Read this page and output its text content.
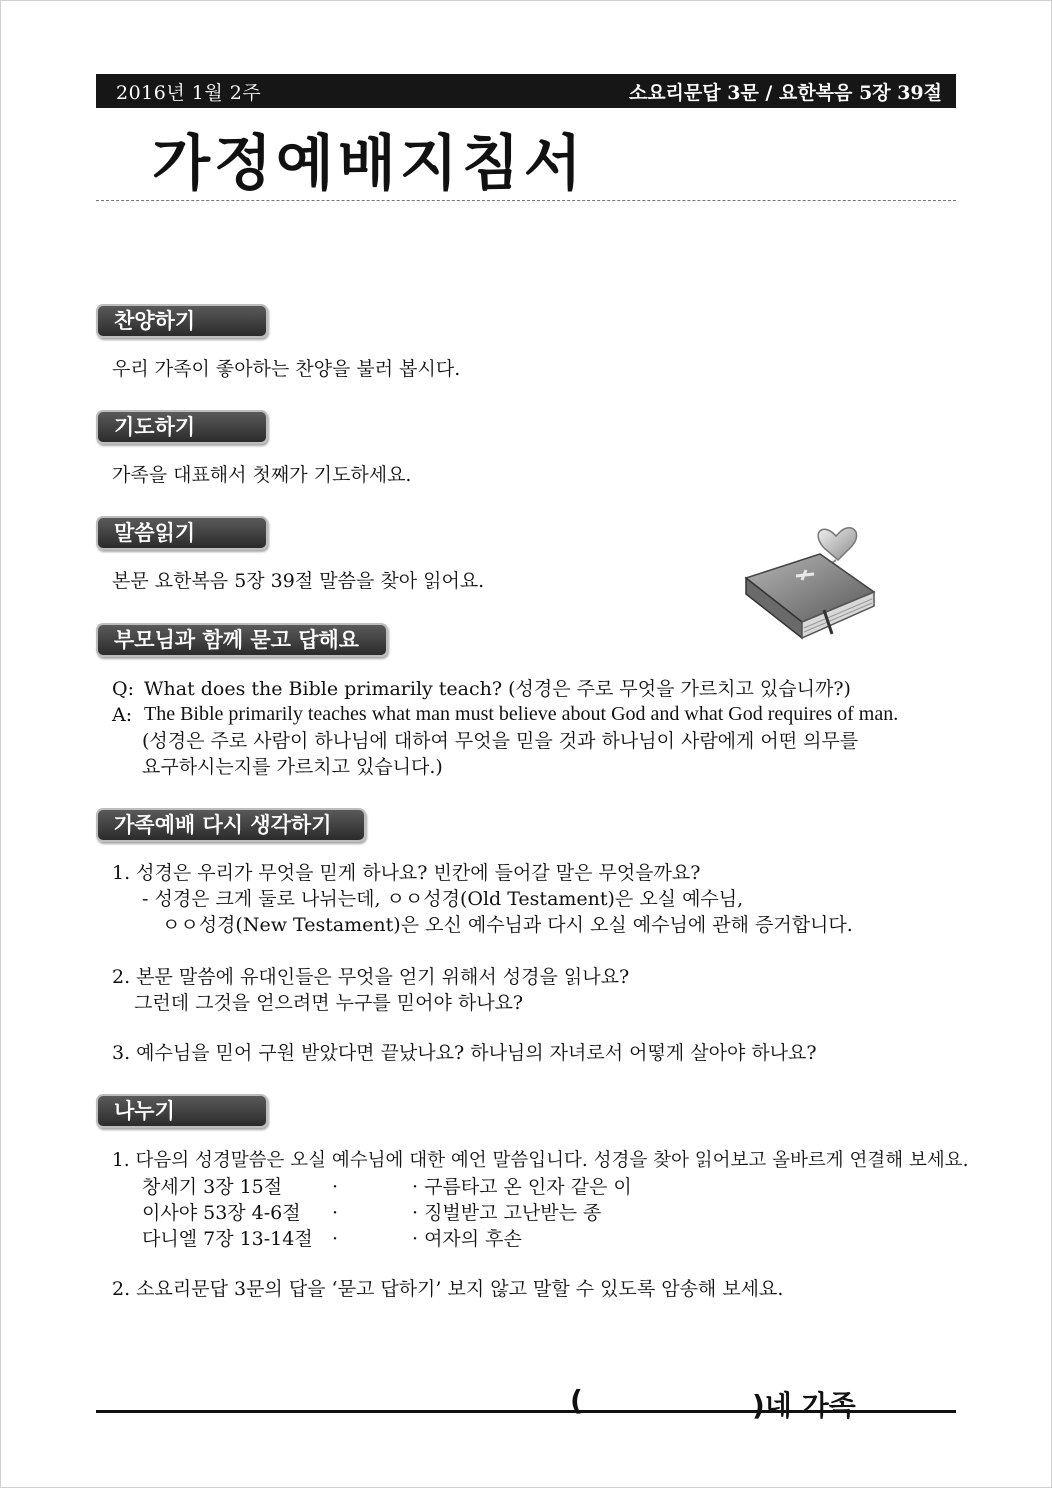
2016년 1월 2주	소요리문답 3문 / 요한복음 5장 39절
가정예배지침서
찬양하기
우리 가족이 좋아하는 찬양을 불러 봅시다.
기도하기
가족을 대표해서 첫째가 기도하세요.
말씀읽기
본문 요한복음 5장 39절 말씀을 찾아 읽어요.
부모님과 함께 묻고 답해요
Q: What does the Bible primarily teach? (성경은 주로 무엇을 가르치고 있습니까?)
A: The Bible primarily teaches what man must believe about God and what God requires of man.
(성경은 주로 사람이 하나님에 대하여 무엇을 믿을 것과 하나님이 사람에게 어떤 의무를
요구하시는지를 가르치고 있습니다.)
가족예배 다시 생각하기
1. 성경은 우리가 무엇을 믿게 하나요? 빈칸에 들어갈 말은 무엇을까요?
- 성경은 크게 둘로 나뉘는데, ㅇㅇ성경(Old Testament)은 오실 예수님,
ㅇㅇ성경(New Testament)은 오신 예수님과 다시 오실 예수님에 관해 증거합니다.
2. 본문 말씀에 유대인들은 무엇을 얻기 위해서 성경을 읽나요?
그런데 그것을 얻으려면 누구를 믿어야 하나요?
3. 예수님을 믿어 구원 받았다면 끝났나요? 하나님의 자녀로서 어떻게 살아야 하나요?
나누기
1. 다음의 성경말씀은 오실 예수님에 대한 예언 말씀입니다. 성경을 찾아 읽어보고 올바르게 연결해 보세요.
창세기 3장 15절	·	· 구름타고 온 인자 같은 이
이사야 53장 4-6절 ·	· 징벌받고 고난받는 종
다니엘 7장 13-14절 ·	· 여자의 후손
2. 소요리문답 3문의 답을 ‘묻고 답하기’ 보지 않고 말할 수 있도록 암송해 보세요.
(	)네 가족
